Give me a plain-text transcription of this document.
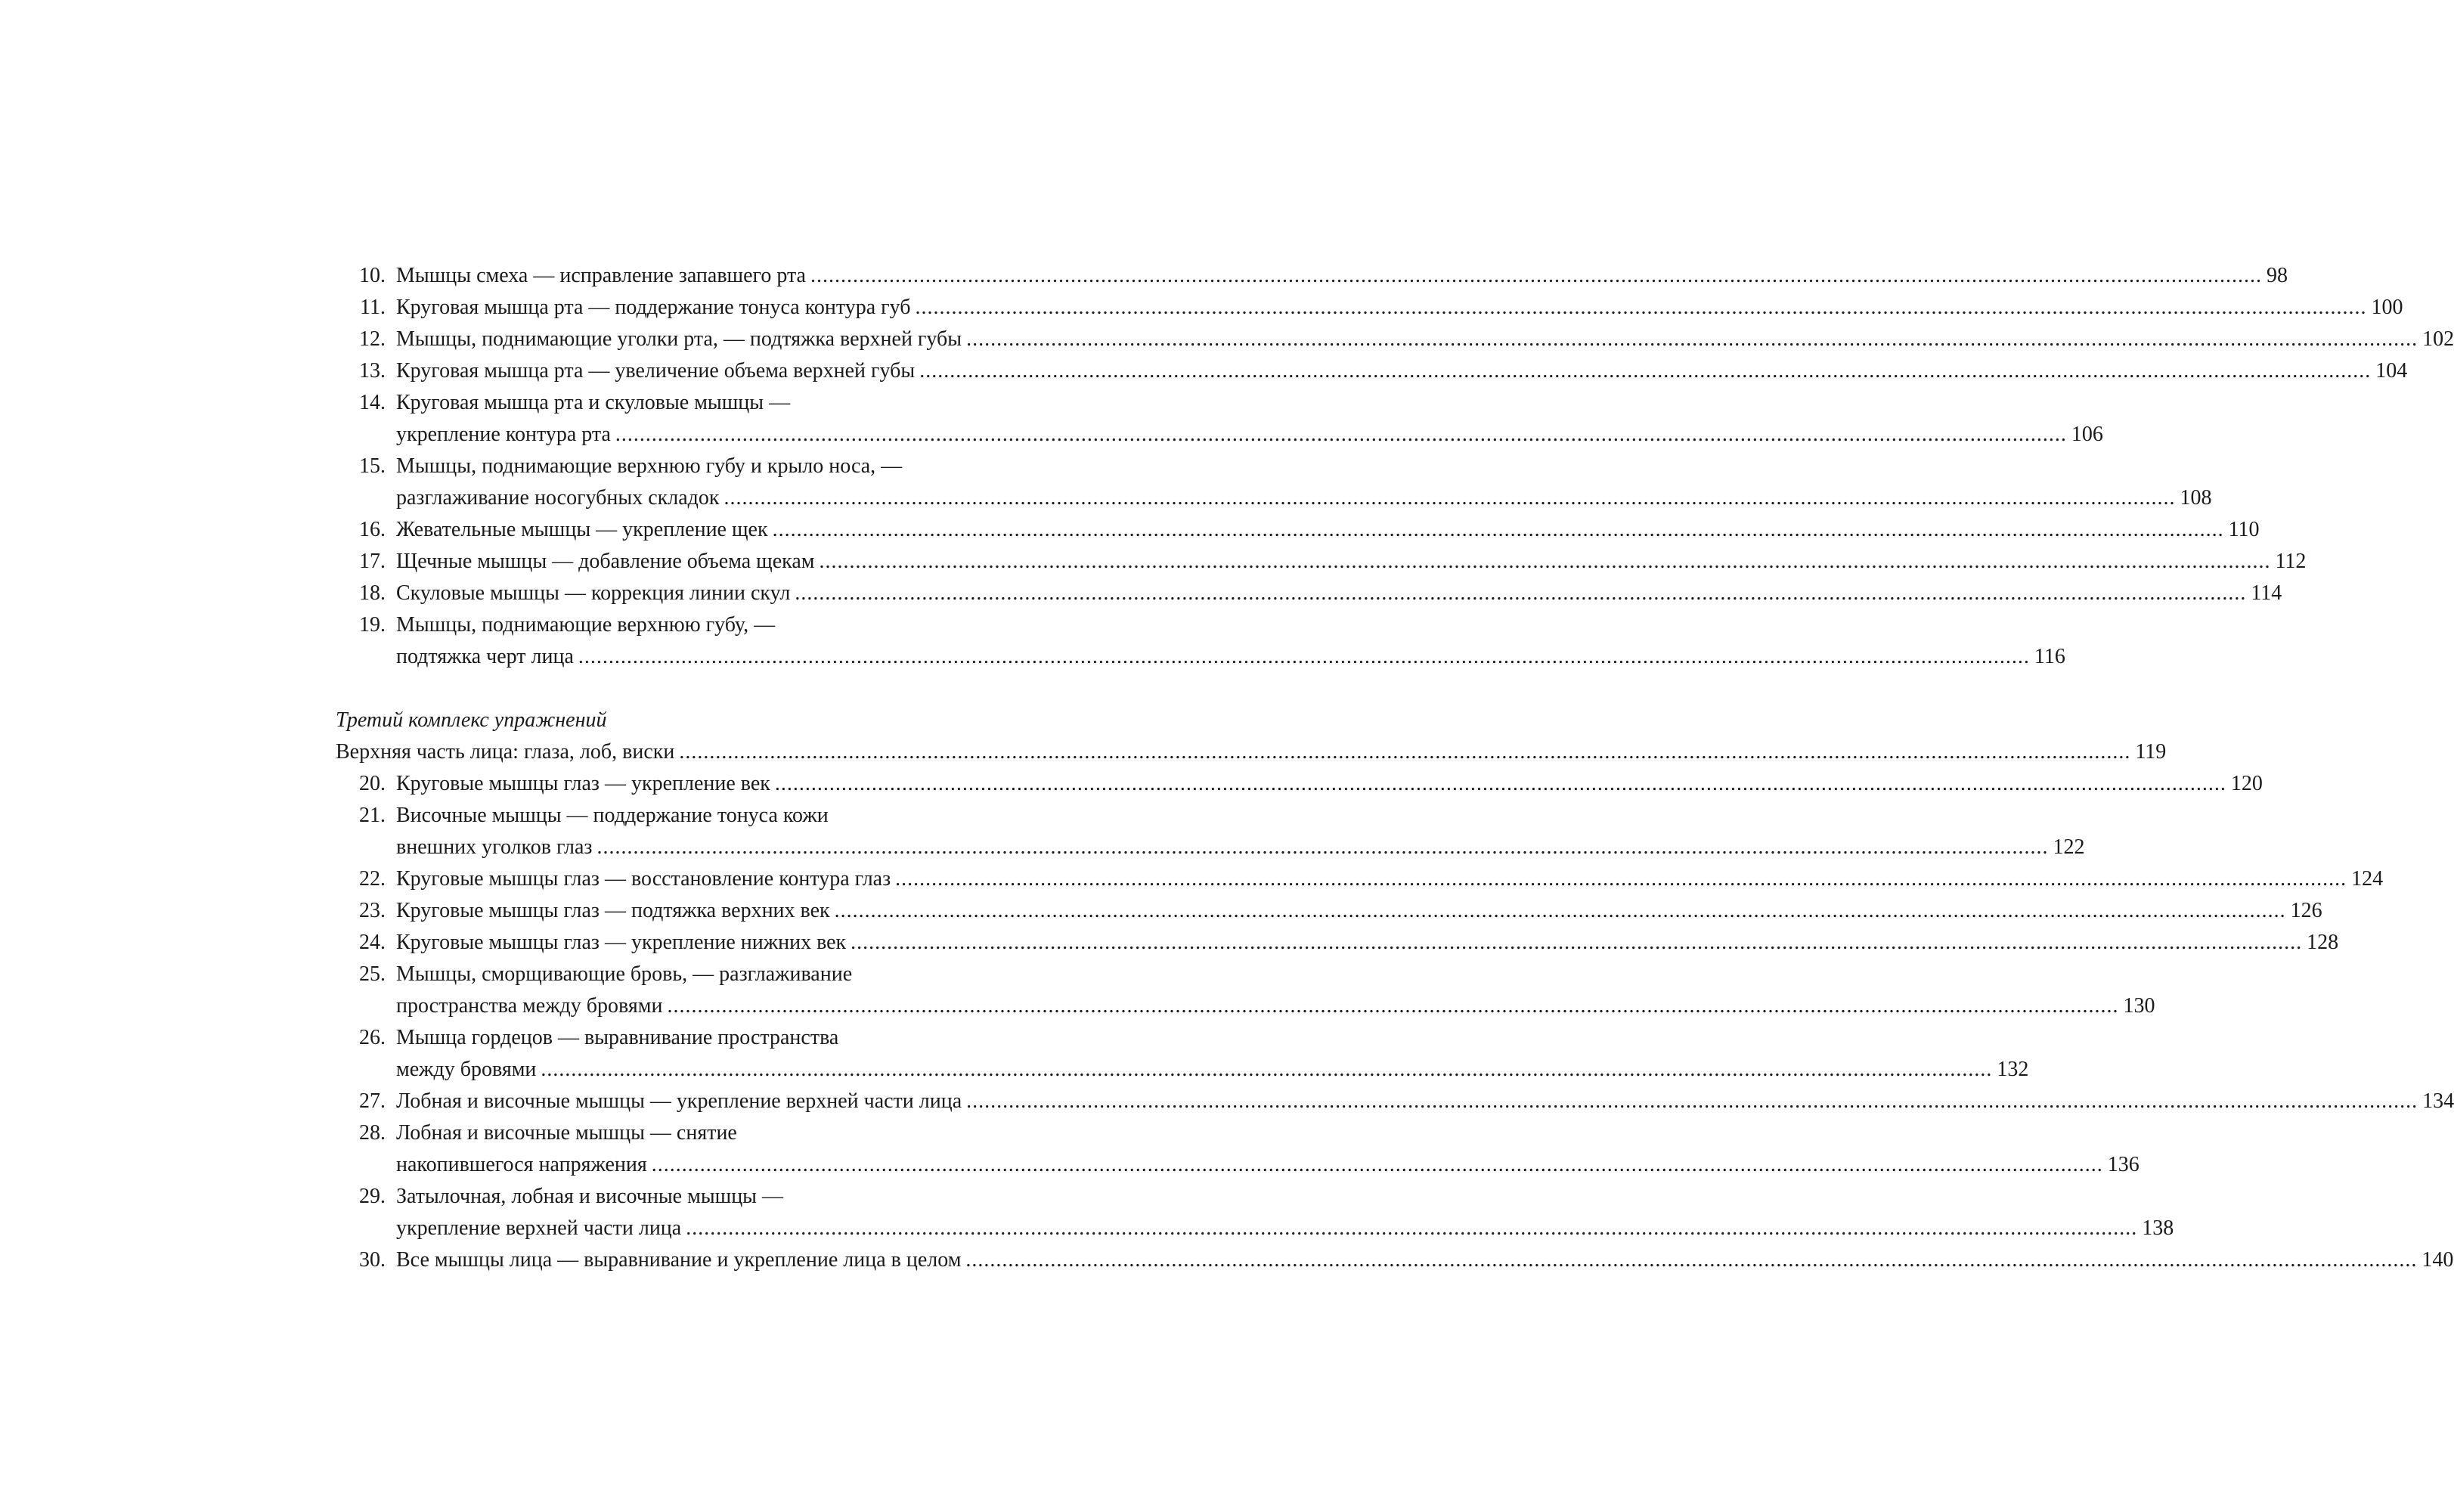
10. Мышцы смеха — исправление запавшего рта .....	98
11. Круговая мышца рта — поддержание тонуса контура губ .....	100
12. Мышцы, поднимающие уголки рта, — подтяжка верхней губы .....	102
13. Круговая мышца рта — увеличение объема верхней губы .....	104
14. Круговая мышца рта и скуловые мышцы —
укрепление контура рта .....	106
15. Мышцы, поднимающие верхнюю губу и крыло носа, —
разглаживание носогубных складок .....	108
16. Жевательные мышцы — укрепление щек .....	110
17. Щечные мышцы — добавление объема щекам .....	112
18. Скуловые мышцы — коррекция линии скул .....	114
19. Мышцы, поднимающие верхнюю губу, —
подтяжка черт лица .....	116
Третий комплекс упражнений
Верхняя часть лица: глаза, лоб, виски .....	119
20. Круговые мышцы глаз — укрепление век .....	120
21. Височные мышцы — поддержание тонуса кожи
внешних уголков глаз .....	122
22. Круговые мышцы глаз — восстановление контура глаз .....	124
23. Круговые мышцы глаз — подтяжка верхних век .....	126
24. Круговые мышцы глаз — укрепление нижних век .....	128
25. Мышцы, сморщивающие бровь, — разглаживание
пространства между бровями .....	130
26. Мышца гордецов — выравнивание пространства
между бровями .....	132
27. Лобная и височные мышцы — укрепление верхней части лица .....	134
28. Лобная и височные мышцы — снятие
накопившегося напряжения .....	136
29. Затылочная, лобная и височные мышцы —
укрепление верхней части лица .....	138
30. Все мышцы лица — выравнивание и укрепление лица в целом .....	140
